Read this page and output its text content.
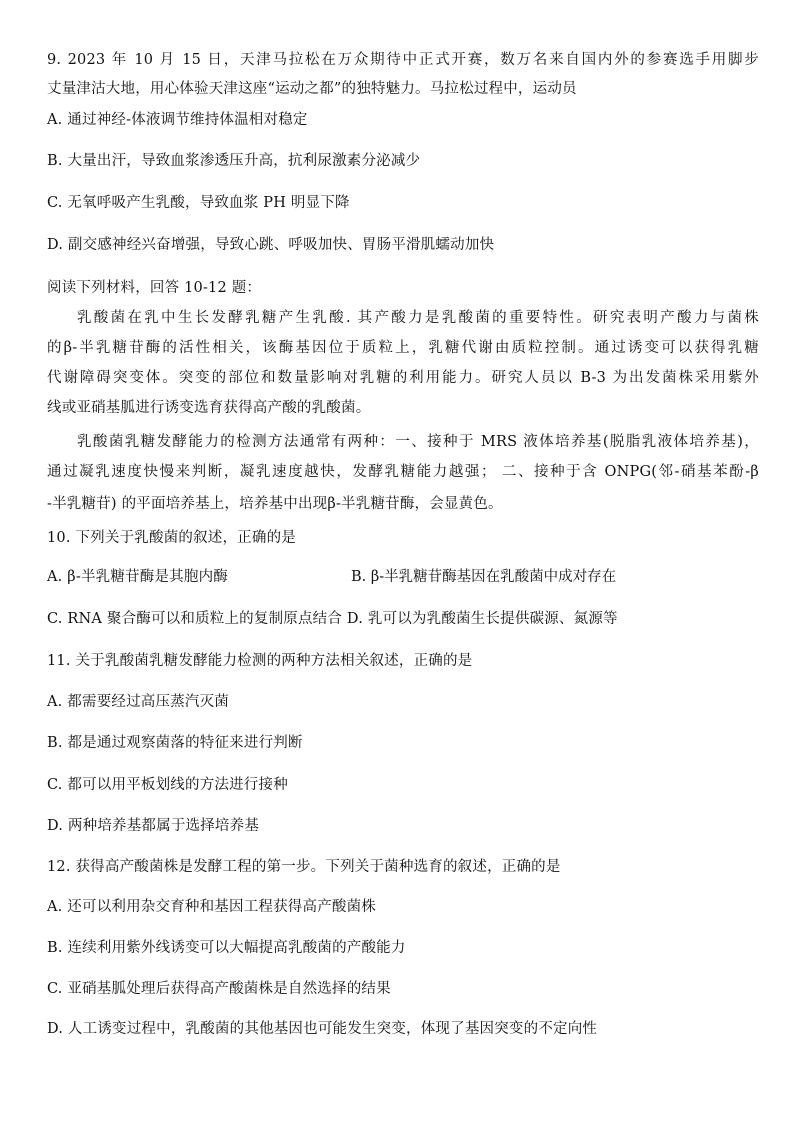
9. 2023 年 10 月 15 日，天津马拉松在万众期待中正式开赛，数万名来自国内外的参赛选手用脚步
丈量津沽大地，用心体验天津这座“运动之都”的独特魅力。马拉松过程中，运动员
A. 通过神经-体液调节维持体温相对稳定
B. 大量出汗，导致血浆渗透压升高，抗利尿激素分泌减少
C. 无氧呼吸产生乳酸，导致血浆 PH 明显下降
D. 副交感神经兴奋增强，导致心跳、呼吸加快、胃肠平滑肌蠕动加快
阅读下列材料，回答 10-12 题：
乳酸菌在乳中生长发酵乳糖产生乳酸. 其产酸力是乳酸菌的重要特性。研究表明产酸力与菌株
的β-半乳糖苷酶的活性相关，该酶基因位于质粒上，乳糖代谢由质粒控制。通过诱变可以获得乳糖
代谢障碍突变体。突变的部位和数量影响对乳糖的利用能力。研究人员以 B-3 为出发菌株采用紫外
线或亚硝基胍进行诱变选育获得高产酸的乳酸菌。
乳酸菌乳糖发酵能力的检测方法通常有两种：一、接种于 MRS 液体培养基(脱脂乳液体培养基)，
通过凝乳速度快慢来判断，凝乳速度越快，发酵乳糖能力越强； 二、接种于含 ONPG(邻-硝基苯酚-β
-半乳糖苷) 的平面培养基上，培养基中出现β-半乳糖苷酶，会显黄色。
10. 下列关于乳酸菌的叙述，正确的是
A. β-半乳糖苷酶是其胞内酶	B. β-半乳糖苷酶基因在乳酸菌中成对存在
C. RNA 聚合酶可以和质粒上的复制原点结合 D. 乳可以为乳酸菌生长提供碳源、氮源等
11. 关于乳酸菌乳糖发酵能力检测的两种方法相关叙述，正确的是
A. 都需要经过高压蒸汽灭菌
B. 都是通过观察菌落的特征来进行判断
C. 都可以用平板划线的方法进行接种
D. 两种培养基都属于选择培养基
12. 获得高产酸菌株是发酵工程的第一步。下列关于菌种选育的叙述，正确的是
A. 还可以利用杂交育种和基因工程获得高产酸菌株
B. 连续利用紫外线诱变可以大幅提高乳酸菌的产酸能力
C. 亚硝基胍处理后获得高产酸菌株是自然选择的结果
D. 人工诱变过程中，乳酸菌的其他基因也可能发生突变，体现了基因突变的不定向性
